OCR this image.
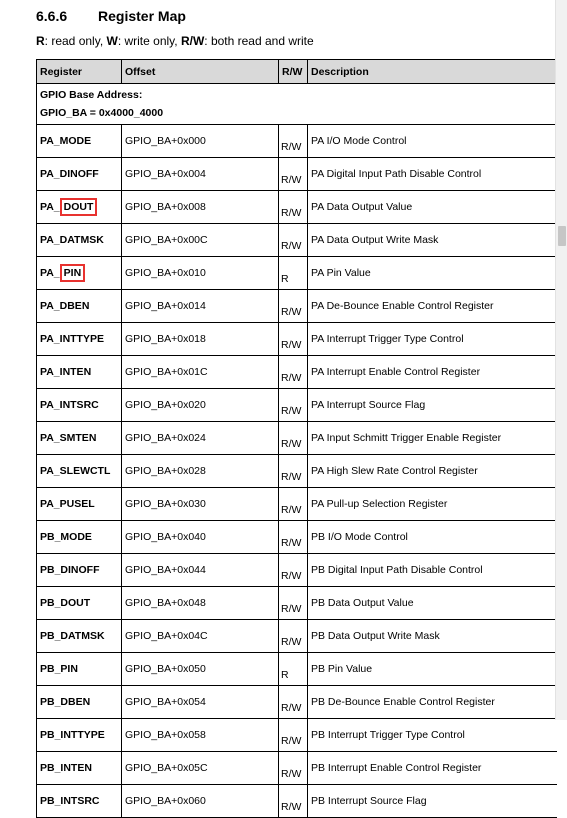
6.6.6 Register Map
R: read only, W: write only, R/W: both read and write
Register	Offset	R/W	Description

GPIO Base Address:
GPIO_BA = 0x4000_4000			

PA_MODE	GPIO_BA+0x000	R/W	PA I/O Mode Control
PA_DINOFF	GPIO_BA+0x004	R/W	PA Digital Input Path Disable Control
PA_ DOUT	GPIO_BA+0x008	R/W	PA Data Output Value
PA_DATMSK	GPIO_BA+0x00C	R/W	PA Data Output Write Mask
PA_ PIN	GPIO_BA+0x010	R	PA Pin Value
PA_DBEN	GPIO_BA+0x014	R/W	PA De-Bounce Enable Control Register
PA_INTTYPE	GPIO_BA+0x018	R/W	PA Interrupt Trigger Type Control
PA_INTEN	GPIO_BA+0x01C	R/W	PA Interrupt Enable Control Register
PA_INTSRC	GPIO_BA+0x020	R/W	PA Interrupt Source Flag
PA_SMTEN	GPIO_BA+0x024	R/W	PA Input Schmitt Trigger Enable Register
PA_SLEWCTL	GPIO_BA+0x028	R/W	PA High Slew Rate Control Register
PA_PUSEL	GPIO_BA+0x030	R/W	PA Pull-up Selection Register
PB_MODE	GPIO_BA+0x040	R/W	PB I/O Mode Control
PB_DINOFF	GPIO_BA+0x044	R/W	PB Digital Input Path Disable Control
PB_DOUT	GPIO_BA+0x048	R/W	PB Data Output Value
PB_DATMSK	GPIO_BA+0x04C	R/W	PB Data Output Write Mask
PB_PIN	GPIO_BA+0x050	R	PB Pin Value
PB_DBEN	GPIO_BA+0x054	R/W	PB De-Bounce Enable Control Register
PB_INTTYPE	GPIO_BA+0x058	R/W	PB Interrupt Trigger Type Control
PB_INTEN	GPIO_BA+0x05C	R/W	PB Interrupt Enable Control Register
PB_INTSRC	GPIO_BA+0x060	R/W	PB Interrupt Source Flag
